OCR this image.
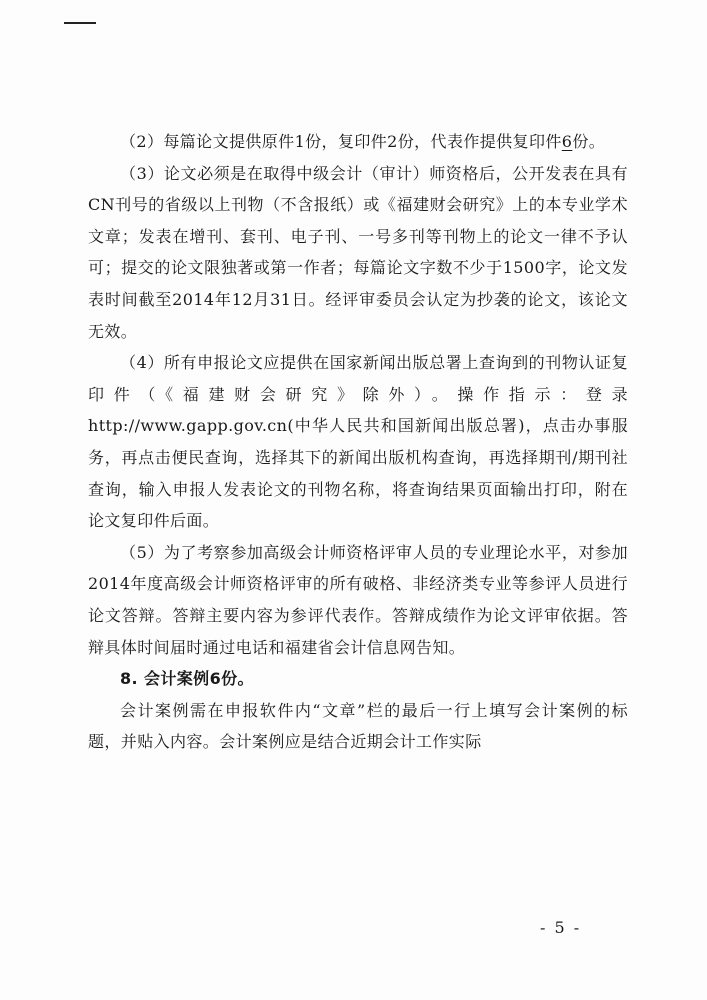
（2）每篇论文提供原件1份，复印件2份，代表作提供复印件6份。

（3）论文必须是在取得中级会计（审计）师资格后，公开发表在具有CN刊号的省级以上刊物（不含报纸）或《福建财会研究》上的本专业学术文章；发表在增刊、套刊、电子刊、一号多刊等刊物上的论文一律不予认可；提交的论文限独著或第一作者；每篇论文字数不少于1500字，论文发表时间截至2014年12月31日。经评审委员会认定为抄袭的论文，该论文无效。

（4）所有申报论文应提供在国家新闻出版总署上查询到的刊物认证复印件（《福建财会研究》除外）。操作指示：登录http://www.gapp.gov.cn(中华人民共和国新闻出版总署)，点击办事服务，再点击便民查询，选择其下的新闻出版机构查询，再选择期刊/期刊社查询，输入申报人发表论文的刊物名称，将查询结果页面输出打印，附在论文复印件后面。

（5）为了考察参加高级会计师资格评审人员的专业理论水平，对参加2014年度高级会计师资格评审的所有破格、非经济类专业等参评人员进行论文答辩。答辩主要内容为参评代表作。答辩成绩作为论文评审依据。答辩具体时间届时通过电话和福建省会计信息网告知。

8. 会计案例6份。

会计案例需在申报软件内“文章”栏的最后一行上填写会计案例的标题，并贴入内容。会计案例应是结合近期会计工作实际

- 5 -
